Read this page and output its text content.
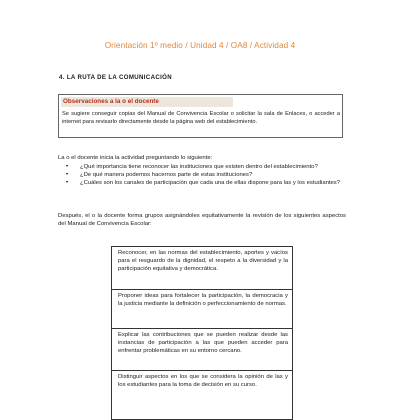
Orientación 1º medio / Unidad 4 / OA8 / Actividad 4
4. LA RUTA DE LA COMUNICACIÓN
Observaciones a la o el docente
Se sugiere conseguir copias del Manual de Convivencia Escolar o solicitar la sala de Enlaces, o acceder a internet para revisarlo directamente desde la página web del establecimiento.
La o el docente inicia la actividad preguntando lo siguiente:
• ¿Qué importancia tiene reconocer las instituciones que existen dentro del establecimiento?
• ¿De qué manera podemos hacernos parte de estas instituciones?
• ¿Cuáles son los canales de participación que cada una de ellas dispone para las y los estudiantes?
Después, el o la docente forma grupos asignándoles equitativamente la revisión de los siguientes aspectos del Manual de Convivencia Escolar:
Reconocer, en las normas del establecimiento, aportes y vacíos para el resguardo de la dignidad, el respeto a la diversidad y la participación equitativa y democrática.
Proponer ideas para fortalecer la participación, la democracia y la justicia mediante la definición o perfeccionamiento de normas.
Explicar las contribuciones que se pueden realizar desde las instancias de participación a las que pueden acceder para enfrentar problemáticas en su entorno cercano.
Distinguir aspectos en los que se considera la opinión de las y los estudiantes para la toma de decisión en su curso.
